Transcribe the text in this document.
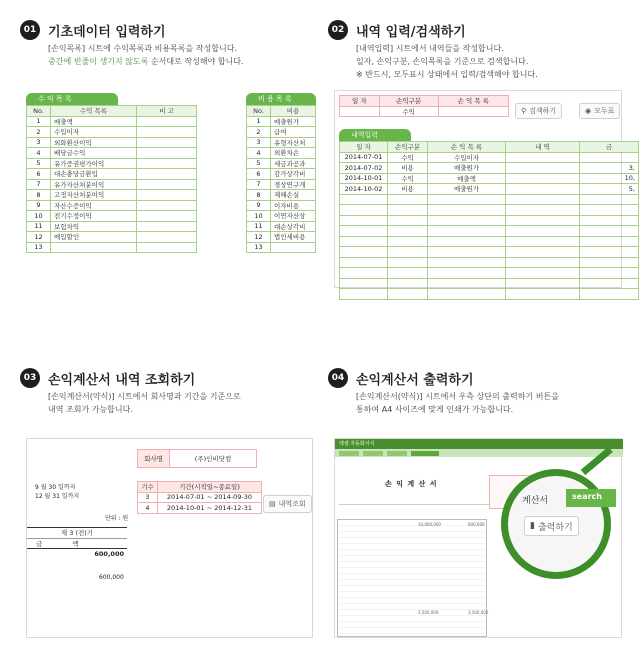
01 기초데이터 입력하기
[손익목록] 시트에 수익목록과 비용목록을 작성합니다.
중간에 빈줄이 생기지 않도록 순서대로 작성해야 합니다.
수 익 목 록
No.	수익 목록	비 고
1	매출액	
2	수입이자	
3	외화환산이익	
4	배당금수익	
5	유가증권평가이익	
6	대손충당금환입	
7	유가자산처분이익	
8	고정자산처분이익	
9	자산수증이익	
10	전기수정이익	
11	보험차익	
12	매입할인	
13		
비 용 목 록
No.	비용
1	매출원가
2	급여
3	유형자산처
4	외환차손
5	세금과공과
6	감가상각비
7	경상연구개
8	재해손실
9	이자비용
10	이연자산상
11	대손상각비
12	법인세비용
13	
02 내역 입력/검색하기
[내역입력] 시트에서 내역들을 작성합니다.
일자, 손익구분, 손익목록을 기준으로 검색합니다.
※ 반드시, 모두표시 상태에서 입력/검색해야 합니다.
일 자	손익구분	손 익 목 록
	수익		⚲ 검색하기	◉ 모두표
내역입력
일 자	손익구분	손 익 목 록	내 역	금
2014-07-01	수익	수입이자		
2014-07-02	비용	매출원가		3,
2014-10-01	수익	매출액		10,
2014-10-02	비용	매출원가		5,

03 손익계산서 내역 조회하기
[손익계산서(약식)] 시트에서 회사명과 기간을 기준으로
내역 조회가 가능합니다.
회사명	(주)인비닷컴
9 월 30 일까지
12 월 31 일까지
기수	기간(시작일~종료일)
3	2014-07-01 ~ 2014-09-30
4	2014-10-01 ~ 2014-12-31 ▤ 내역조회
단위 : 원
제 3 (전)기
금	액
600,000
600,000
04 손익계산서 출력하기
[손익계산서(약식)] 시트에서 우측 상단의 출력하기 버튼을
통하여 A4 사이즈에 맞게 인쇄가 가능합니다.
엑셀 자동화서식
손 익 계 산 서
10,000,000	600,000
3,500,000	3,500,000
계산서	search
▮ 출력하기
